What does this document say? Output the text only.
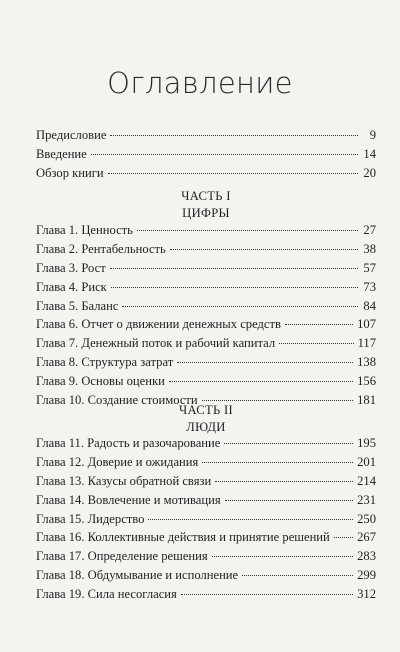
Оглавление
Предисловие	9
Введение	14
Обзор книги	20
ЧАСТЬ I
ЦИФРЫ
Глава 1. Ценность	27
Глава 2. Рентабельность	38
Глава 3. Рост	57
Глава 4. Риск	73
Глава 5. Баланс	84
Глава 6. Отчет о движении денежных средств	107
Глава 7. Денежный поток и рабочий капитал	117
Глава 8. Структура затрат	138
Глава 9. Основы оценки	156
Глава 10. Создание стоимости	181
ЧАСТЬ II
ЛЮДИ
Глава 11. Радость и разочарование	195
Глава 12. Доверие и ожидания	201
Глава 13. Казусы обратной связи	214
Глава 14. Вовлечение и мотивация	231
Глава 15. Лидерство	250
Глава 16. Коллективные действия и принятие решений 267
Глава 17. Определение решения	283
Глава 18. Обдумывание и исполнение	299
Глава 19. Сила несогласия	312
